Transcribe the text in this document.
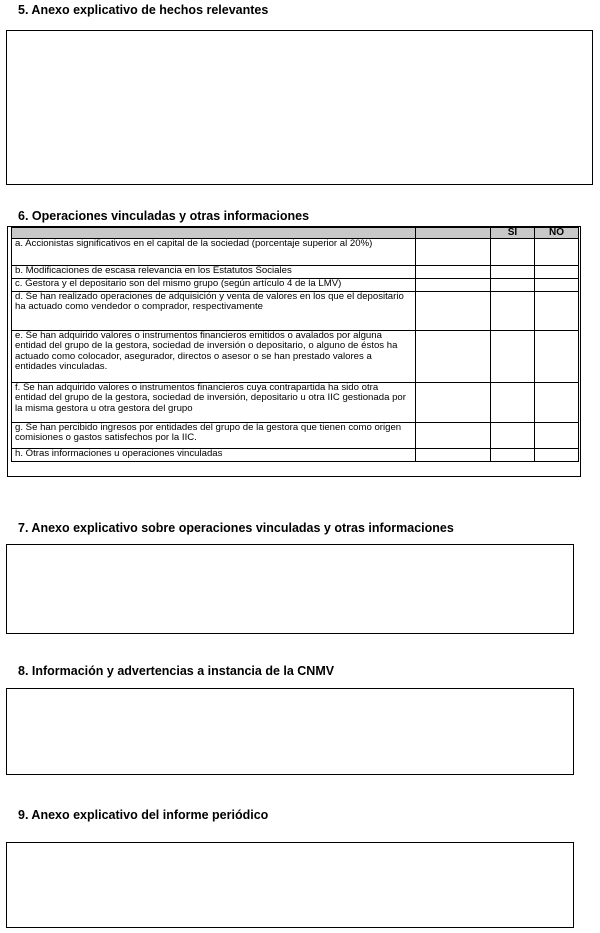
5. Anexo explicativo de hechos relevantes
6. Operaciones vinculadas y otras informaciones
		SI	NO
a. Accionistas significativos en el capital de la sociedad (porcentaje superior al 20%)			
b. Modificaciones de escasa relevancia en los Estatutos Sociales			
c. Gestora y el depositario son del mismo grupo (según artículo 4 de la LMV)			
d. Se han realizado operaciones de adquisición y venta de valores en los que el depositario ha actuado como vendedor o comprador, respectivamente			
e. Se han adquirido valores o instrumentos financieros emitidos o avalados por alguna entidad del grupo de la gestora, sociedad de inversión o depositario, o alguno de éstos ha actuado como colocador, asegurador, directos o asesor o se han prestado valores a entidades vinculadas.			
f. Se han adquirido valores o instrumentos financieros cuya contrapartida ha sido otra entidad del grupo de la gestora, sociedad de inversión, depositario u otra IIC gestionada por la misma gestora u otra gestora del grupo			
g. Se han percibido ingresos por entidades del grupo de la gestora que tienen como origen comisiones o gastos satisfechos por la IIC.			
h. Otras informaciones u operaciones vinculadas			
7. Anexo explicativo sobre operaciones vinculadas y otras informaciones
8. Información y advertencias a instancia de la CNMV
9. Anexo explicativo del informe periódico
